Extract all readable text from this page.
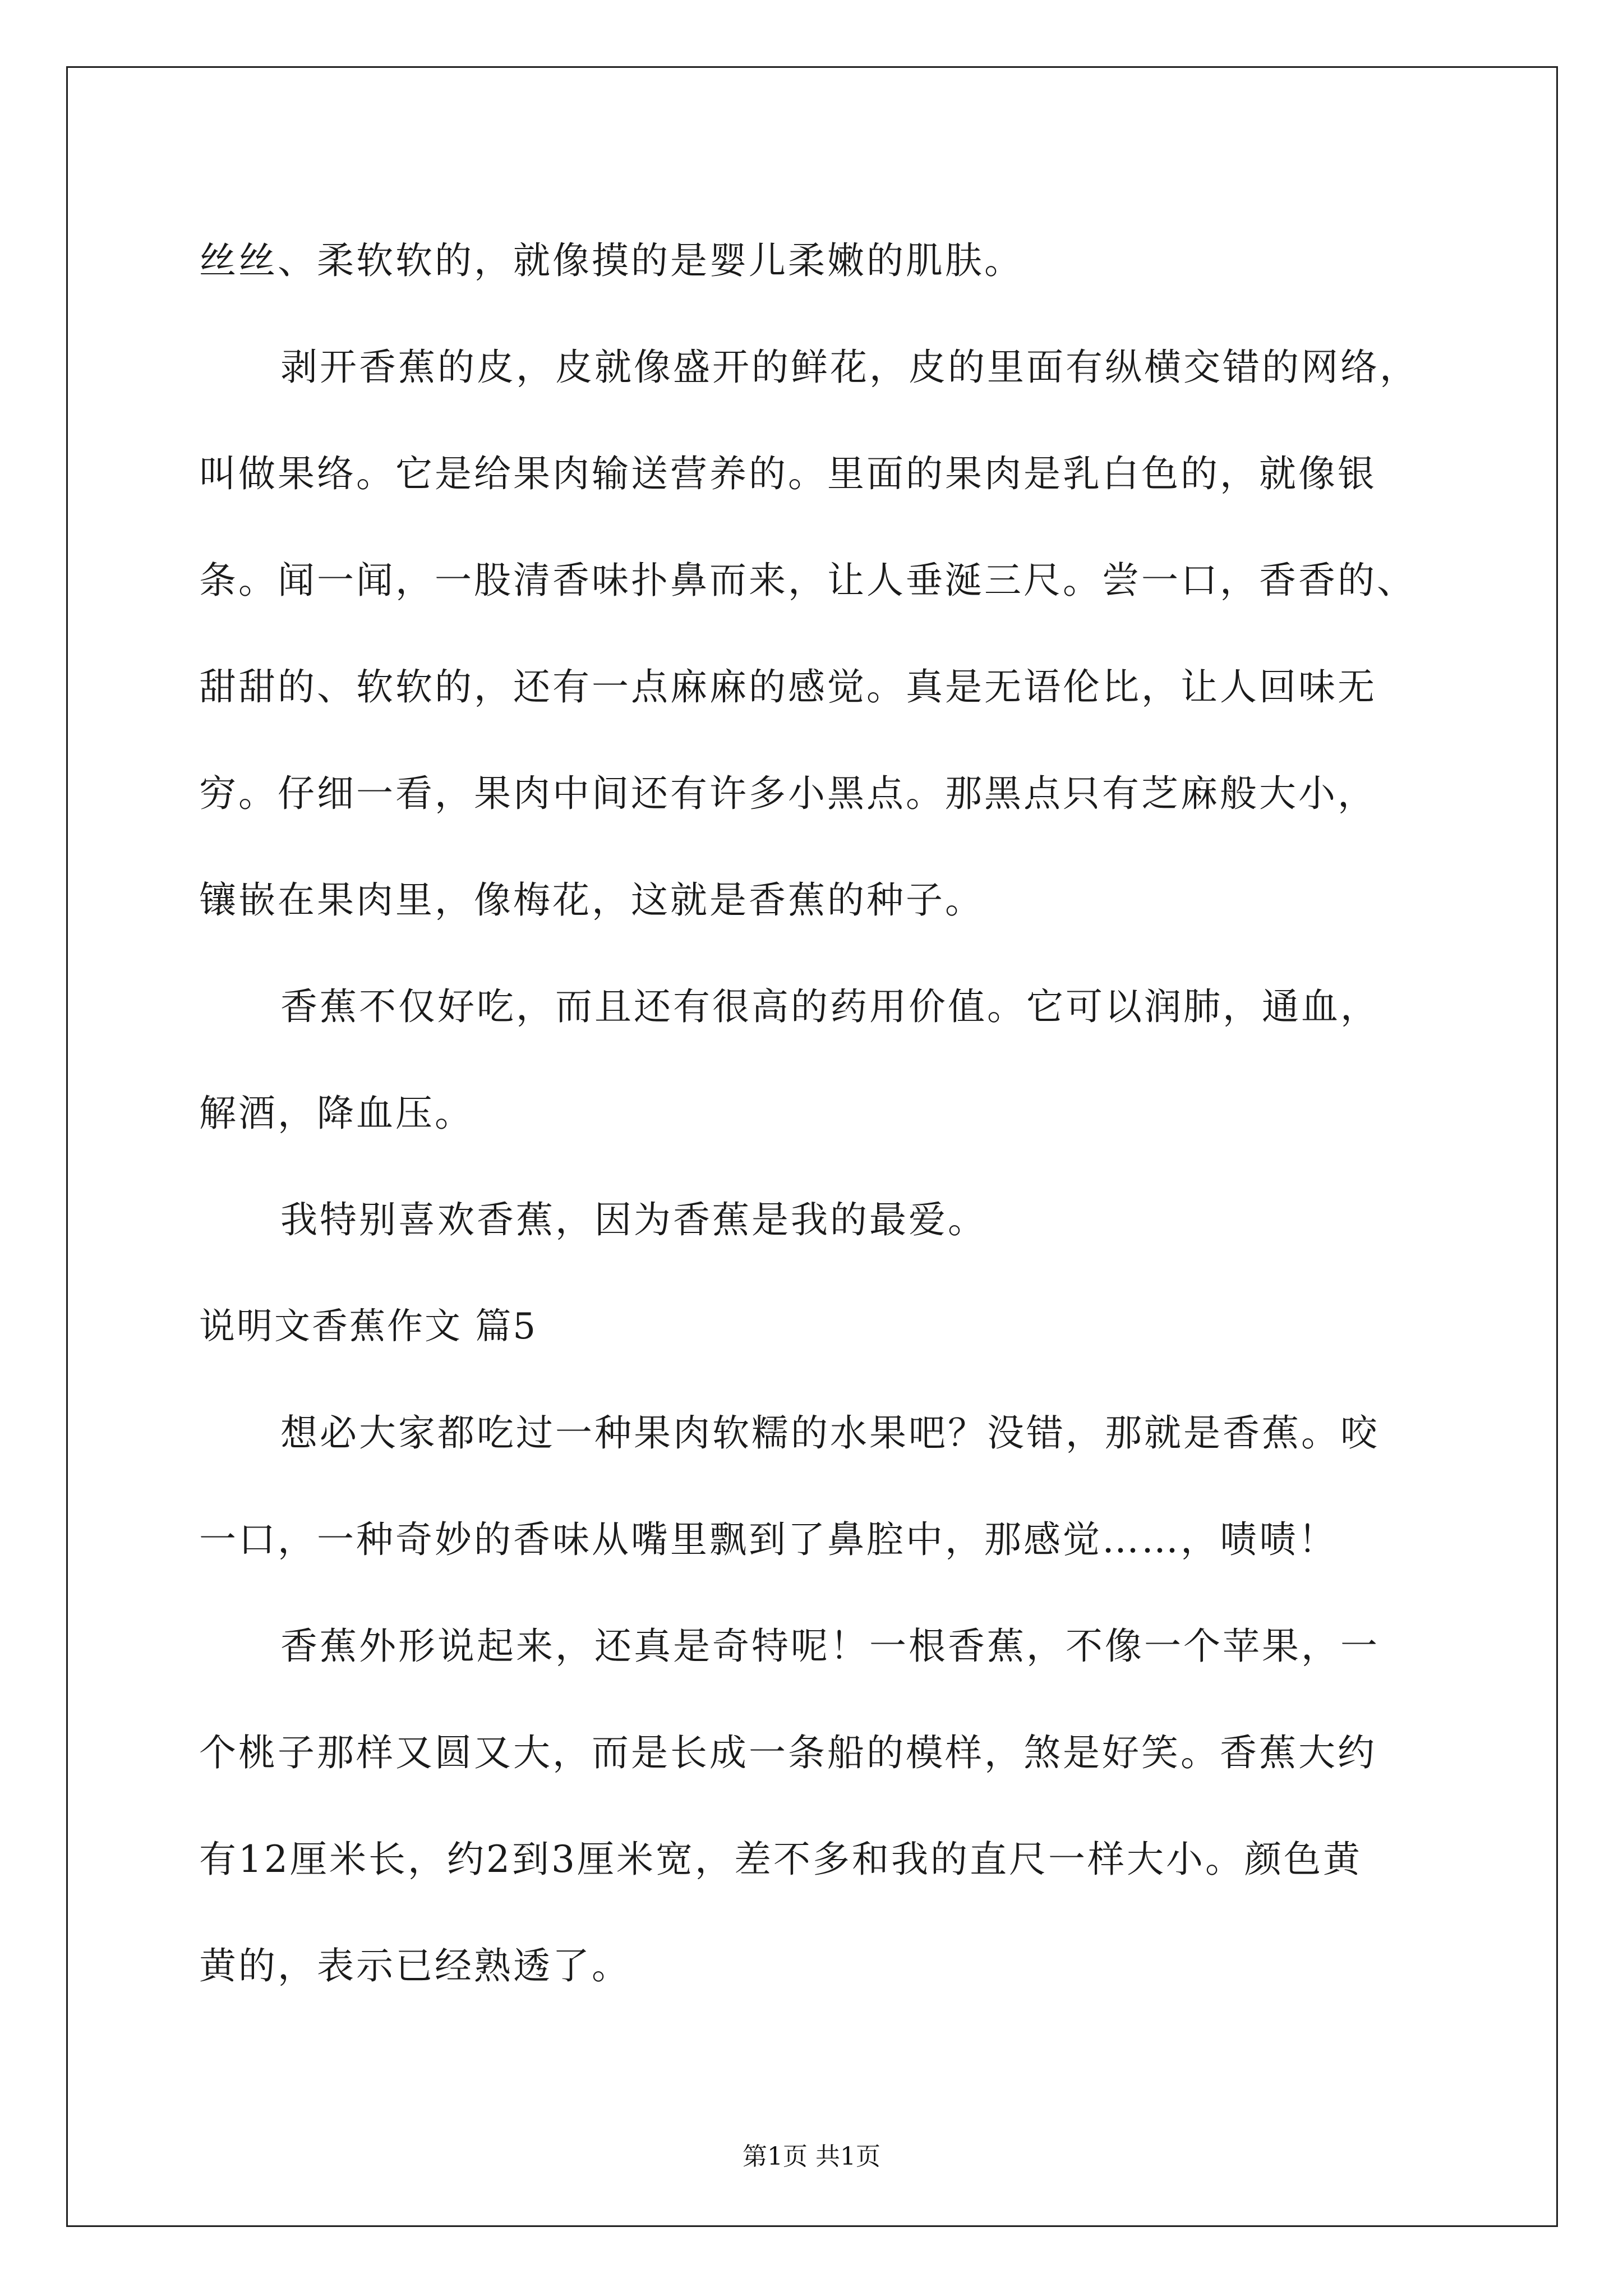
丝丝、柔软软的，就像摸的是婴儿柔嫩的肌肤。

剥开香蕉的皮，皮就像盛开的鲜花，皮的里面有纵横交错的网络，

叫做果络。它是给果肉输送营养的。里面的果肉是乳白色的，就像银

条。闻一闻，一股清香味扑鼻而来，让人垂涎三尺。尝一口，香香的、

甜甜的、软软的，还有一点麻麻的感觉。真是无语伦比，让人回味无

穷。仔细一看，果肉中间还有许多小黑点。那黑点只有芝麻般大小，

镶嵌在果肉里，像梅花，这就是香蕉的种子。

香蕉不仅好吃，而且还有很高的药用价值。它可以润肺，通血，

解酒，降血压。

我特别喜欢香蕉，因为香蕉是我的最爱。

说明文香蕉作文 篇5

想必大家都吃过一种果肉软糯的水果吧？没错，那就是香蕉。咬

一口，一种奇妙的香味从嘴里飘到了鼻腔中，那感觉……，啧啧！

香蕉外形说起来，还真是奇特呢！一根香蕉，不像一个苹果，一

个桃子那样又圆又大，而是长成一条船的模样，煞是好笑。香蕉大约

有12厘米长，约2到3厘米宽，差不多和我的直尺一样大小。颜色黄

黄的，表示已经熟透了。

第1页 共1页
